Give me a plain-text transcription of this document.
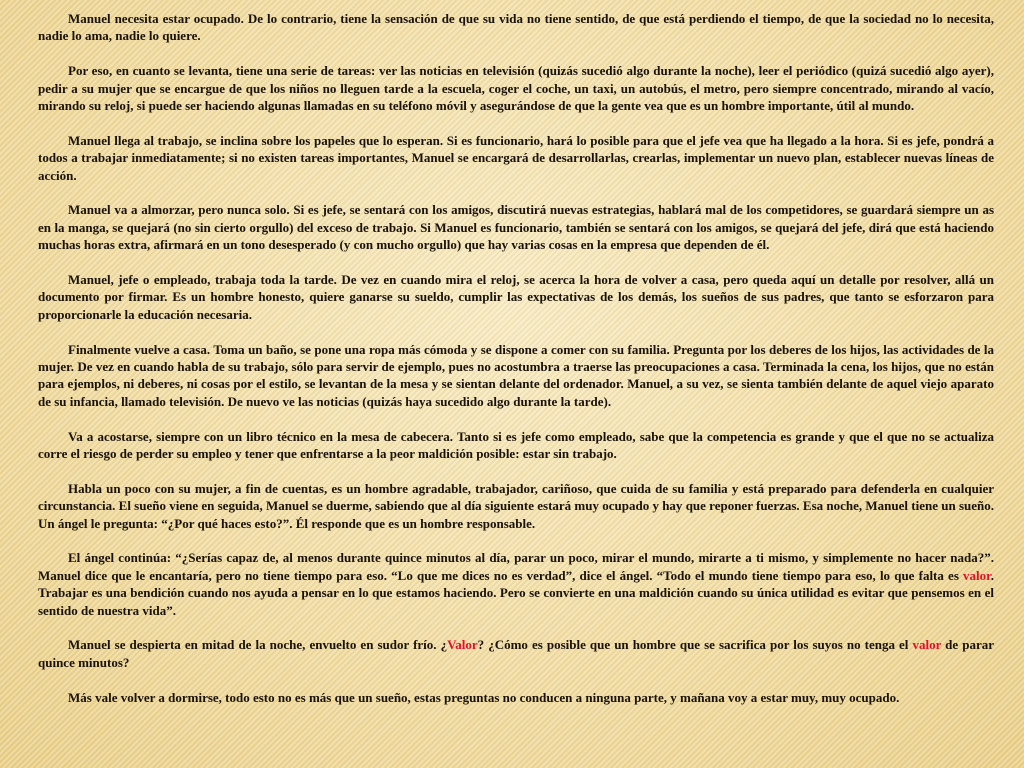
Manuel necesita estar ocupado. De lo contrario, tiene la sensación de que su vida no tiene sentido, de que está perdiendo el tiempo, de que la sociedad no lo necesita, nadie lo ama, nadie lo quiere.

Por eso, en cuanto se levanta, tiene una serie de tareas: ver las noticias en televisión (quizás sucedió algo durante la noche), leer el periódico (quizá sucedió algo ayer), pedir a su mujer que se encargue de que los niños no lleguen tarde a la escuela, coger el coche, un taxi, un autobús, el metro, pero siempre concentrado, mirando al vacío, mirando su reloj, si puede ser haciendo algunas llamadas en su teléfono móvil y asegurándose de que la gente vea que es un hombre importante, útil al mundo.

Manuel llega al trabajo, se inclina sobre los papeles que lo esperan. Si es funcionario, hará lo posible para que el jefe vea que ha llegado a la hora. Si es jefe, pondrá a todos a trabajar inmediatamente; si no existen tareas importantes, Manuel se encargará de desarrollarlas, crearlas, implementar un nuevo plan, establecer nuevas líneas de acción.

Manuel va a almorzar, pero nunca solo. Si es jefe, se sentará con los amigos, discutirá nuevas estrategias, hablará mal de los competidores, se guardará siempre un as en la manga, se quejará (no sin cierto orgullo) del exceso de trabajo. Si Manuel es funcionario, también se sentará con los amigos, se quejará del jefe, dirá que está haciendo muchas horas extra, afirmará en un tono desesperado (y con mucho orgullo) que hay varias cosas en la empresa que dependen de él.

Manuel, jefe o empleado, trabaja toda la tarde. De vez en cuando mira el reloj, se acerca la hora de volver a casa, pero queda aquí un detalle por resolver, allá un documento por firmar. Es un hombre honesto, quiere ganarse su sueldo, cumplir las expectativas de los demás, los sueños de sus padres, que tanto se esforzaron para proporcionarle la educación necesaria.

Finalmente vuelve a casa. Toma un baño, se pone una ropa más cómoda y se dispone a comer con su familia. Pregunta por los deberes de los hijos, las actividades de la mujer. De vez en cuando habla de su trabajo, sólo para servir de ejemplo, pues no acostumbra a traerse las preocupaciones a casa. Terminada la cena, los hijos, que no están para ejemplos, ni deberes, ni cosas por el estilo, se levantan de la mesa y se sientan delante del ordenador. Manuel, a su vez, se sienta también delante de aquel viejo aparato de su infancia, llamado televisión. De nuevo ve las noticias (quizás haya sucedido algo durante la tarde).

Va a acostarse, siempre con un libro técnico en la mesa de cabecera. Tanto si es jefe como empleado, sabe que la competencia es grande y que el que no se actualiza corre el riesgo de perder su empleo y tener que enfrentarse a la peor maldición posible: estar sin trabajo.

Habla un poco con su mujer, a fin de cuentas, es un hombre agradable, trabajador, cariñoso, que cuida de su familia y está preparado para defenderla en cualquier circunstancia. El sueño viene en seguida, Manuel se duerme, sabiendo que al día siguiente estará muy ocupado y hay que reponer fuerzas. Esa noche, Manuel tiene un sueño. Un ángel le pregunta: “¿Por qué haces esto?”. Él responde que es un hombre responsable.

El ángel continúa: “¿Serías capaz de, al menos durante quince minutos al día, parar un poco, mirar el mundo, mirarte a ti mismo, y simplemente no hacer nada?”. Manuel dice que le encantaría, pero no tiene tiempo para eso. “Lo que me dices no es verdad”, dice el ángel. “Todo el mundo tiene tiempo para eso, lo que falta es valor. Trabajar es una bendición cuando nos ayuda a pensar en lo que estamos haciendo. Pero se convierte en una maldición cuando su única utilidad es evitar que pensemos en el sentido de nuestra vida”.

Manuel se despierta en mitad de la noche, envuelto en sudor frío. ¿Valor? ¿Cómo es posible que un hombre que se sacrifica por los suyos no tenga el valor de parar quince minutos?

Más vale volver a dormirse, todo esto no es más que un sueño, estas preguntas no conducen a ninguna parte, y mañana voy a estar muy, muy ocupado.
